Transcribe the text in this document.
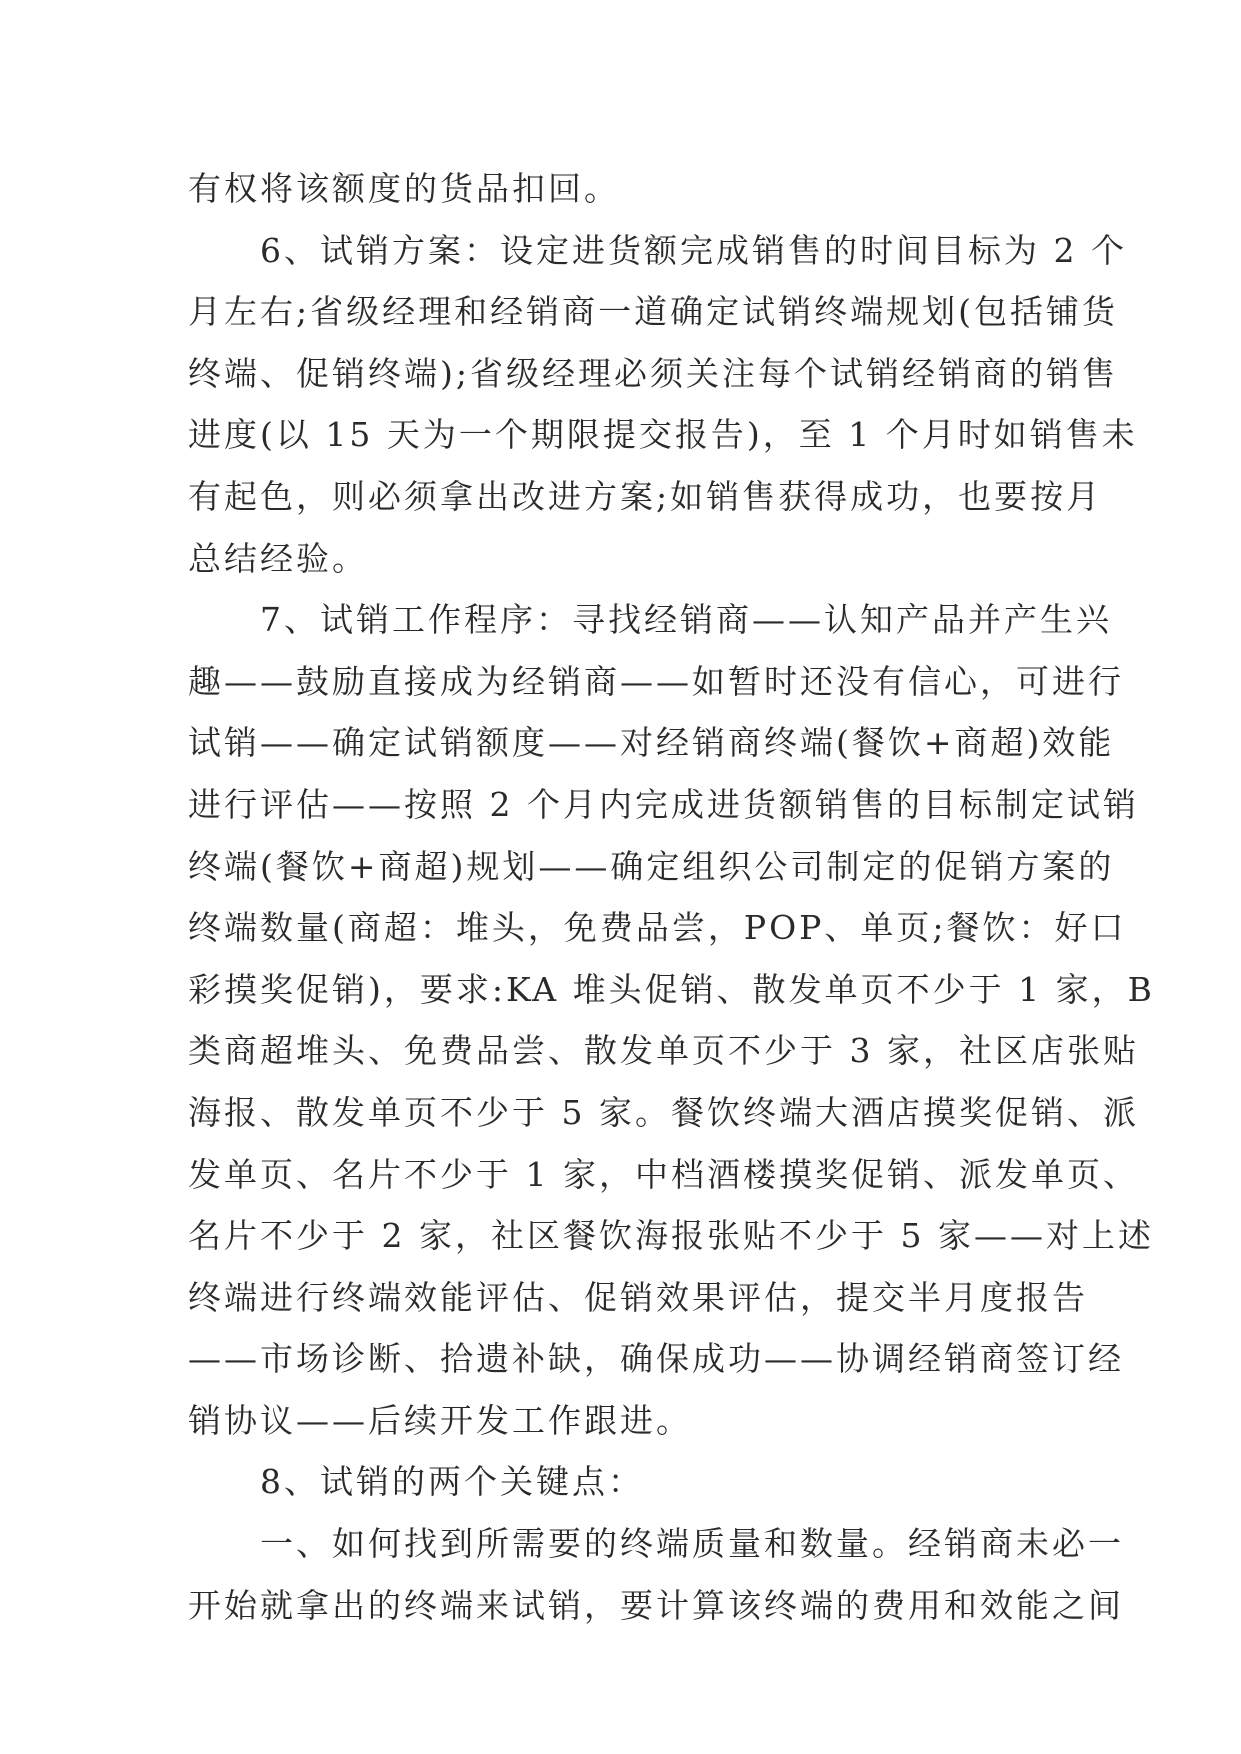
有权将该额度的货品扣回。
6、试销方案：设定进货额完成销售的时间目标为 2 个
月左右;省级经理和经销商一道确定试销终端规划(包括铺货
终端、促销终端);省级经理必须关注每个试销经销商的销售
进度(以 15 天为一个期限提交报告)，至 1 个月时如销售未
有起色，则必须拿出改进方案;如销售获得成功，也要按月
总结经验。
7、试销工作程序：寻找经销商——认知产品并产生兴
趣——鼓励直接成为经销商——如暂时还没有信心，可进行
试销——确定试销额度——对经销商终端(餐饮+商超)效能
进行评估——按照 2 个月内完成进货额销售的目标制定试销
终端(餐饮+商超)规划——确定组织公司制定的促销方案的
终端数量(商超：堆头，免费品尝，POP、单页;餐饮：好口
彩摸奖促销)，要求:KA 堆头促销、散发单页不少于 1 家，B
类商超堆头、免费品尝、散发单页不少于 3 家，社区店张贴
海报、散发单页不少于 5 家。餐饮终端大酒店摸奖促销、派
发单页、名片不少于 1 家，中档酒楼摸奖促销、派发单页、
名片不少于 2 家，社区餐饮海报张贴不少于 5 家——对上述
终端进行终端效能评估、促销效果评估，提交半月度报告
——市场诊断、拾遗补缺，确保成功——协调经销商签订经
销协议——后续开发工作跟进。
8、试销的两个关键点：
一、如何找到所需要的终端质量和数量。经销商未必一
开始就拿出的终端来试销，要计算该终端的费用和效能之间
